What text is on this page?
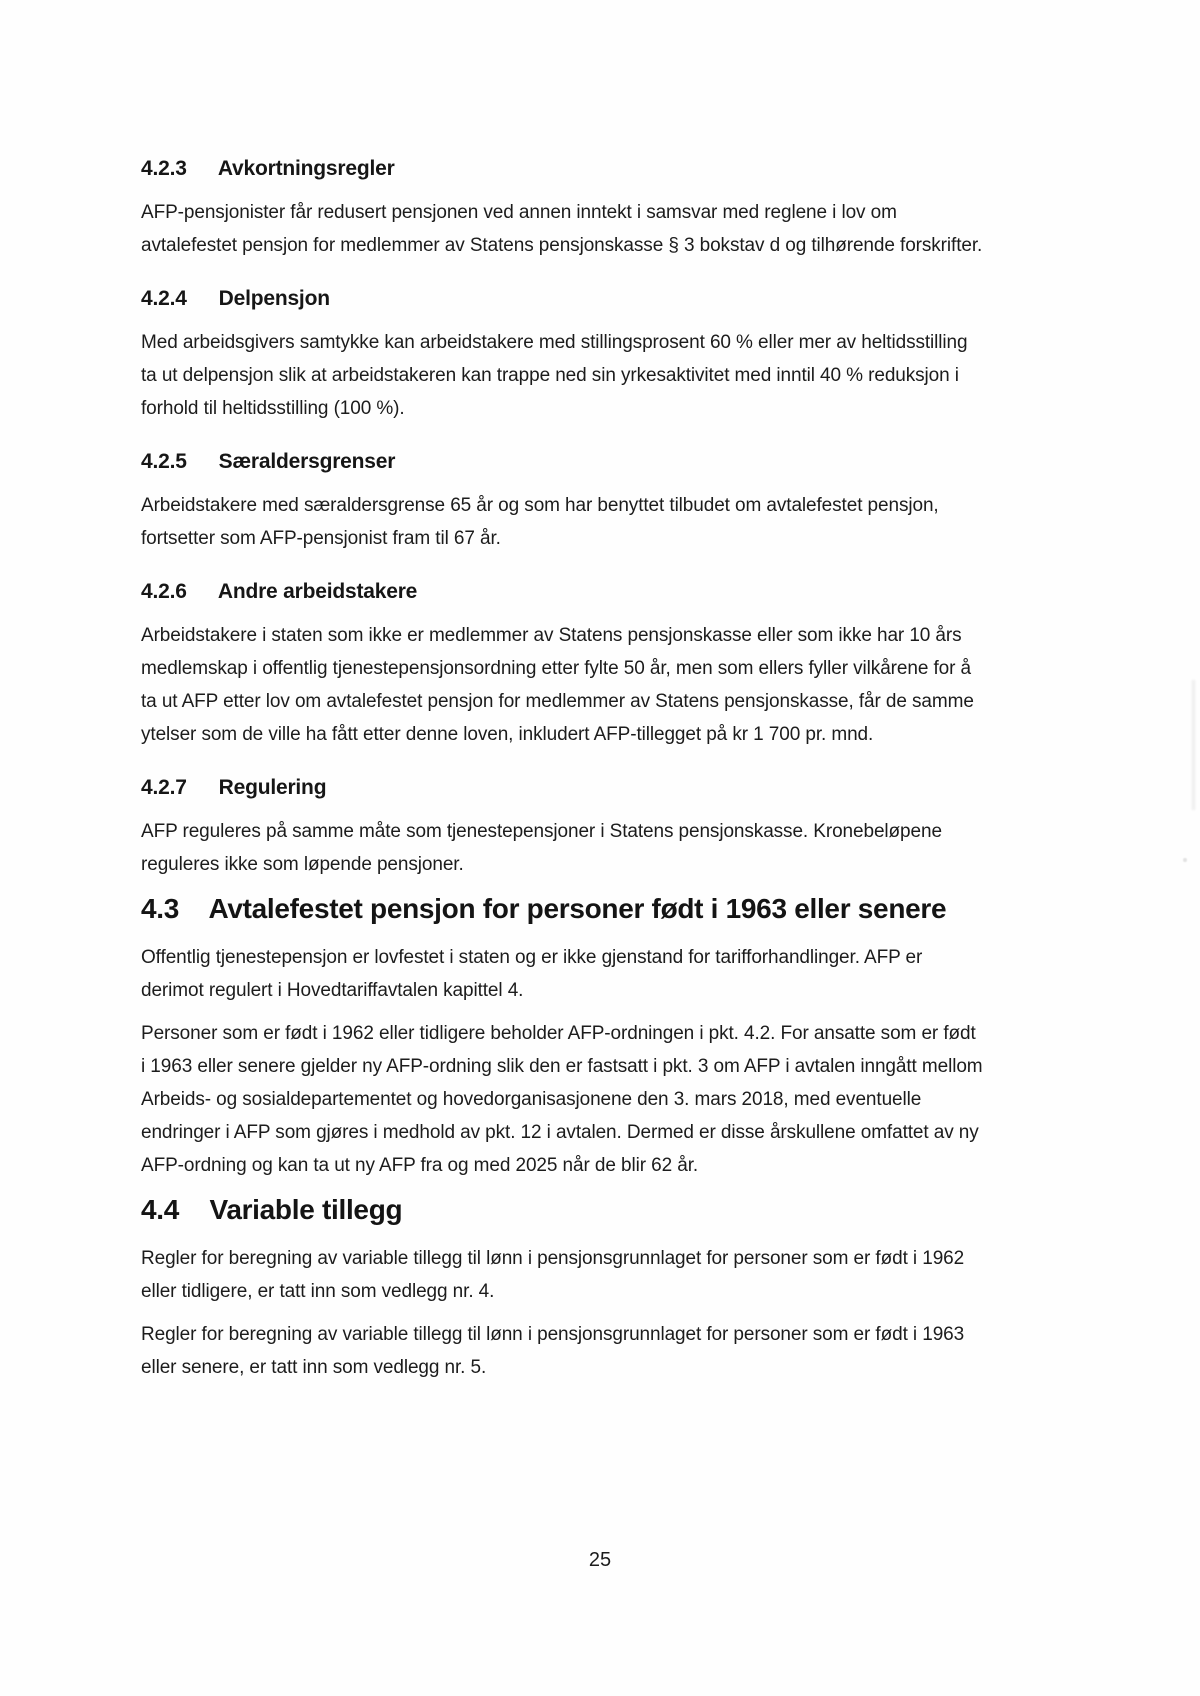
4.2.3 Avkortningsregler

AFP-pensjonister får redusert pensjonen ved annen inntekt i samsvar med reglene i lov om
avtalefestet pensjon for medlemmer av Statens pensjonskasse § 3 bokstav d og tilhørende forskrifter.

4.2.4 Delpensjon

Med arbeidsgivers samtykke kan arbeidstakere med stillingsprosent 60 % eller mer av heltidsstilling
ta ut delpensjon slik at arbeidstakeren kan trappe ned sin yrkesaktivitet med inntil 40 % reduksjon i
forhold til heltidsstilling (100 %).

4.2.5 Særaldersgrenser

Arbeidstakere med særaldersgrense 65 år og som har benyttet tilbudet om avtalefestet pensjon,
fortsetter som AFP-pensjonist fram til 67 år.

4.2.6 Andre arbeidstakere

Arbeidstakere i staten som ikke er medlemmer av Statens pensjonskasse eller som ikke har 10 års
medlemskap i offentlig tjenestepensjonsordning etter fylte 50 år, men som ellers fyller vilkårene for å
ta ut AFP etter lov om avtalefestet pensjon for medlemmer av Statens pensjonskasse, får de samme
ytelser som de ville ha fått etter denne loven, inkludert AFP-tillegget på kr 1 700 pr. mnd.

4.2.7 Regulering

AFP reguleres på samme måte som tjenestepensjoner i Statens pensjonskasse. Kronebeløpene
reguleres ikke som løpende pensjoner.

4.3 Avtalefestet pensjon for personer født i 1963 eller senere

Offentlig tjenestepensjon er lovfestet i staten og er ikke gjenstand for tarifforhandlinger. AFP er
derimot regulert i Hovedtariffavtalen kapittel 4.

Personer som er født i 1962 eller tidligere beholder AFP-ordningen i pkt. 4.2. For ansatte som er født
i 1963 eller senere gjelder ny AFP-ordning slik den er fastsatt i pkt. 3 om AFP i avtalen inngått mellom
Arbeids- og sosialdepartementet og hovedorganisasjonene den 3. mars 2018, med eventuelle
endringer i AFP som gjøres i medhold av pkt. 12 i avtalen. Dermed er disse årskullene omfattet av ny
AFP-ordning og kan ta ut ny AFP fra og med 2025 når de blir 62 år.

4.4 Variable tillegg

Regler for beregning av variable tillegg til lønn i pensjonsgrunnlaget for personer som er født i 1962
eller tidligere, er tatt inn som vedlegg nr. 4.

Regler for beregning av variable tillegg til lønn i pensjonsgrunnlaget for personer som er født i 1963
eller senere, er tatt inn som vedlegg nr. 5.

25
